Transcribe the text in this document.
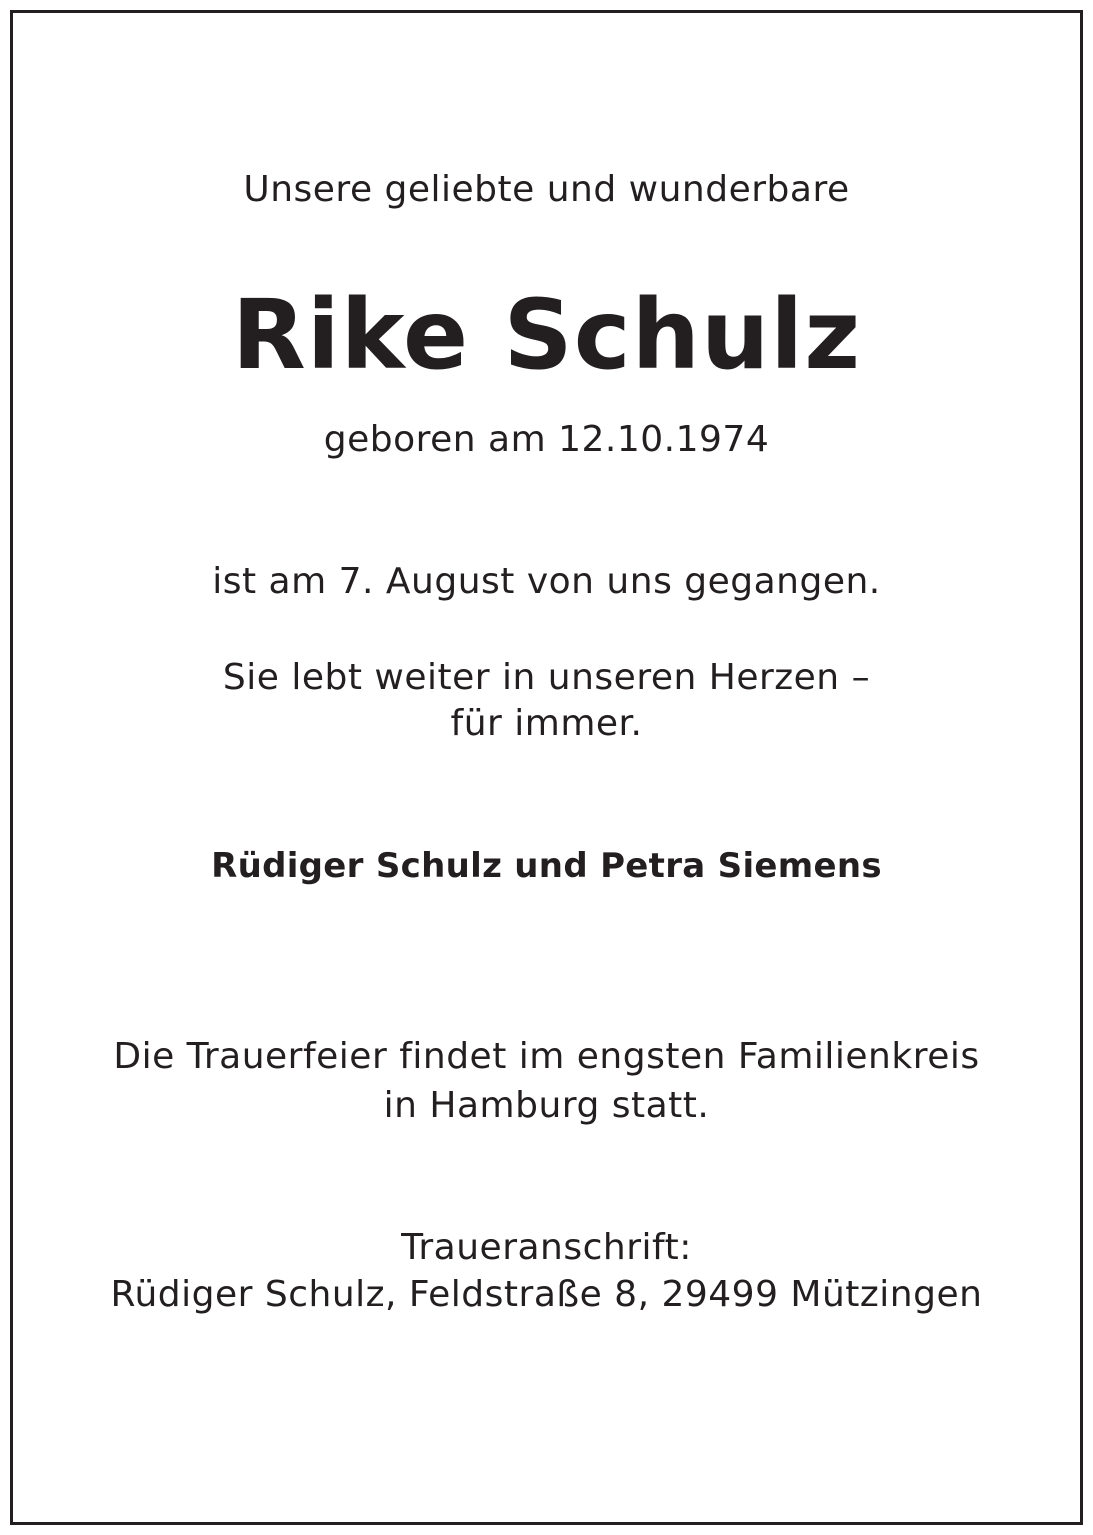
Unsere geliebte und wunderbare
Rike Schulz
geboren am 12.10.1974
ist am 7. August von uns gegangen.
Sie lebt weiter in unseren Herzen –
für immer.
Rüdiger Schulz und Petra Siemens
Die Trauerfeier findet im engsten Familienkreis
in Hamburg statt.
Traueranschrift:
Rüdiger Schulz, Feldstraße 8, 29499 Mützingen
